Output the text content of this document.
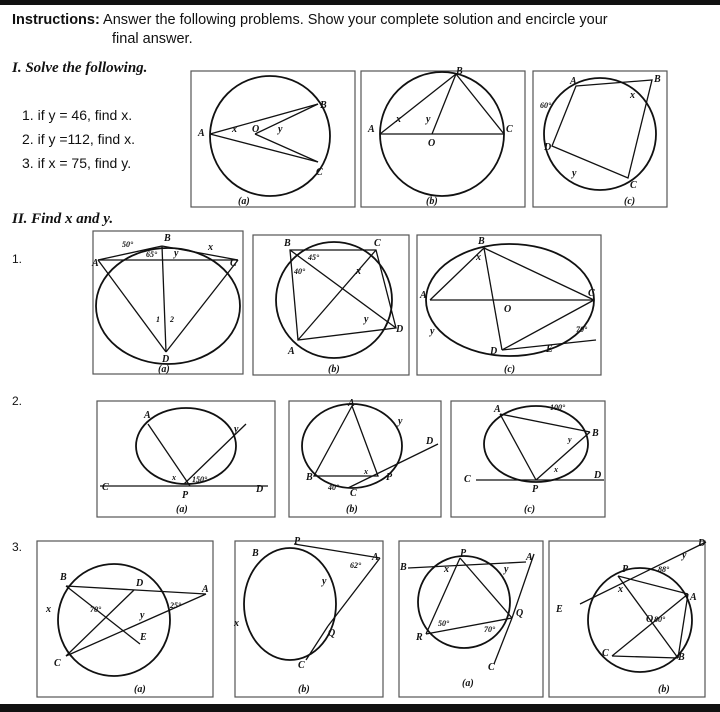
Instructions: Answer the following problems. Show your complete solution and encircle your
final answer.
I. Solve the following.
1. if y = 46, find x.
2. if y =112, find x.
3. if x = 75, find y.
A
B
C
x O y
(a)
A
B
C
x	y
O
(b)
A	B
D
C
x
y
60°
(c)
II. Find x and y.
1.
B
A	C
D
x
y
1 2
50°
65°
(a)
B	C
A
D
x
y
45°
40°
(b)
B
A	C
D	E
O
x
y	70°
(c)
2.
A
C
P
D
x
y
150°
(a)
A
B
C
D
P
x
y
40°
(b)
A
B
C	D
P
x
y
100°
(c)
3.
B
D
A
C
E
x
y
70°	25°
(a)
B
P
A
Q
C
x
y
62°
(b)
B
P	A
Q
R
C
x	y
50°
70°
(a)
D
P
A
E
O
C	B
x
y
88°
80°
(b)
